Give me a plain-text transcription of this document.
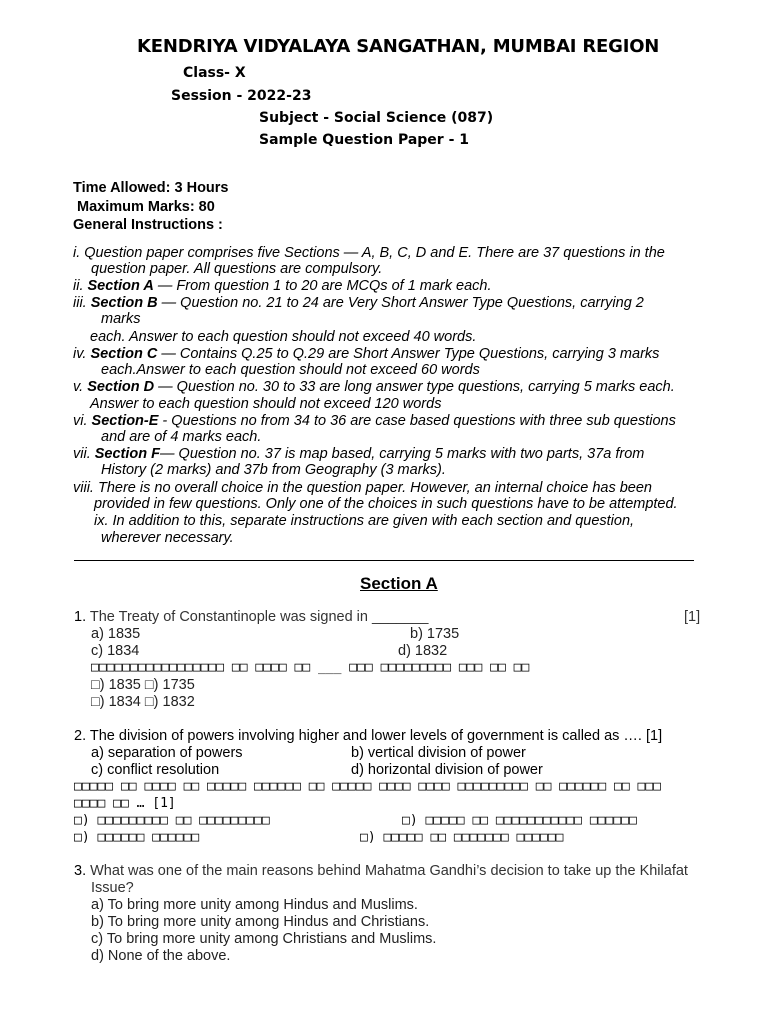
KENDRIYA VIDYALAYA SANGATHAN, MUMBAI REGION
Class- X
Session - 2022-23
Subject - Social Science (087)
Sample Question Paper - 1
Time Allowed: 3 Hours
Maximum Marks: 80
General Instructions :
i. Question paper comprises five Sections — A, B, C, D and E. There are 37 questions in the
question paper. All questions are compulsory.
ii. Section A — From question 1 to 20 are MCQs of 1 mark each.
iii. Section B — Question no. 21 to 24 are Very Short Answer Type Questions, carrying 2
marks
each. Answer to each question should not exceed 40 words.
iv. Section C — Contains Q.25 to Q.29 are Short Answer Type Questions, carrying 3 marks
each.Answer to each question should not exceed 60 words
v. Section D — Question no. 30 to 33 are long answer type questions, carrying 5 marks each.
Answer to each question should not exceed 120 words
vi. Section-E - Questions no from 34 to 36 are case based questions with three sub questions
and are of 4 marks each.
vii. Section F— Question no. 37 is map based, carrying 5 marks with two parts, 37a from
History (2 marks) and 37b from Geography (3 marks).
viii. There is no overall choice in the question paper. However, an internal choice has been
provided in few questions. Only one of the choices in such questions have to be attempted.
ix. In addition to this, separate instructions are given with each section and question,
wherever necessary.
Section A
1. The Treaty of Constantinople was signed in _______	[1]
a) 1835	b) 1735
c) 1834	d) 1832
□□□□□□□□□□□□□□□□□ □□ □□□□ □□ ___ □□□ □□□□□□□□□ □□□ □□ □□
□) 1835 □) 1735
□) 1834 □) 1832
2. The division of powers involving higher and lower levels of government is called as …. [1]
a) separation of powers	b) vertical division of power
c) conflict resolution	d) horizontal division of power
□□□□□ □□ □□□□ □□ □□□□□ □□□□□□ □□ □□□□□ □□□□ □□□□ □□□□□□□□□ □□ □□□□□□ □□ □□□
□□□□ □□ … [1]
□) □□□□□□□□□ □□ □□□□□□□□□	□) □□□□□ □□ □□□□□□□□□□□ □□□□□□
□) □□□□□□ □□□□□□	□) □□□□□ □□ □□□□□□□ □□□□□□
3. What was one of the main reasons behind Mahatma Gandhi’s decision to take up the Khilafat
Issue?
a) To bring more unity among Hindus and Muslims.
b) To bring more unity among Hindus and Christians.
c) To bring more unity among Christians and Muslims.
d) None of the above.
